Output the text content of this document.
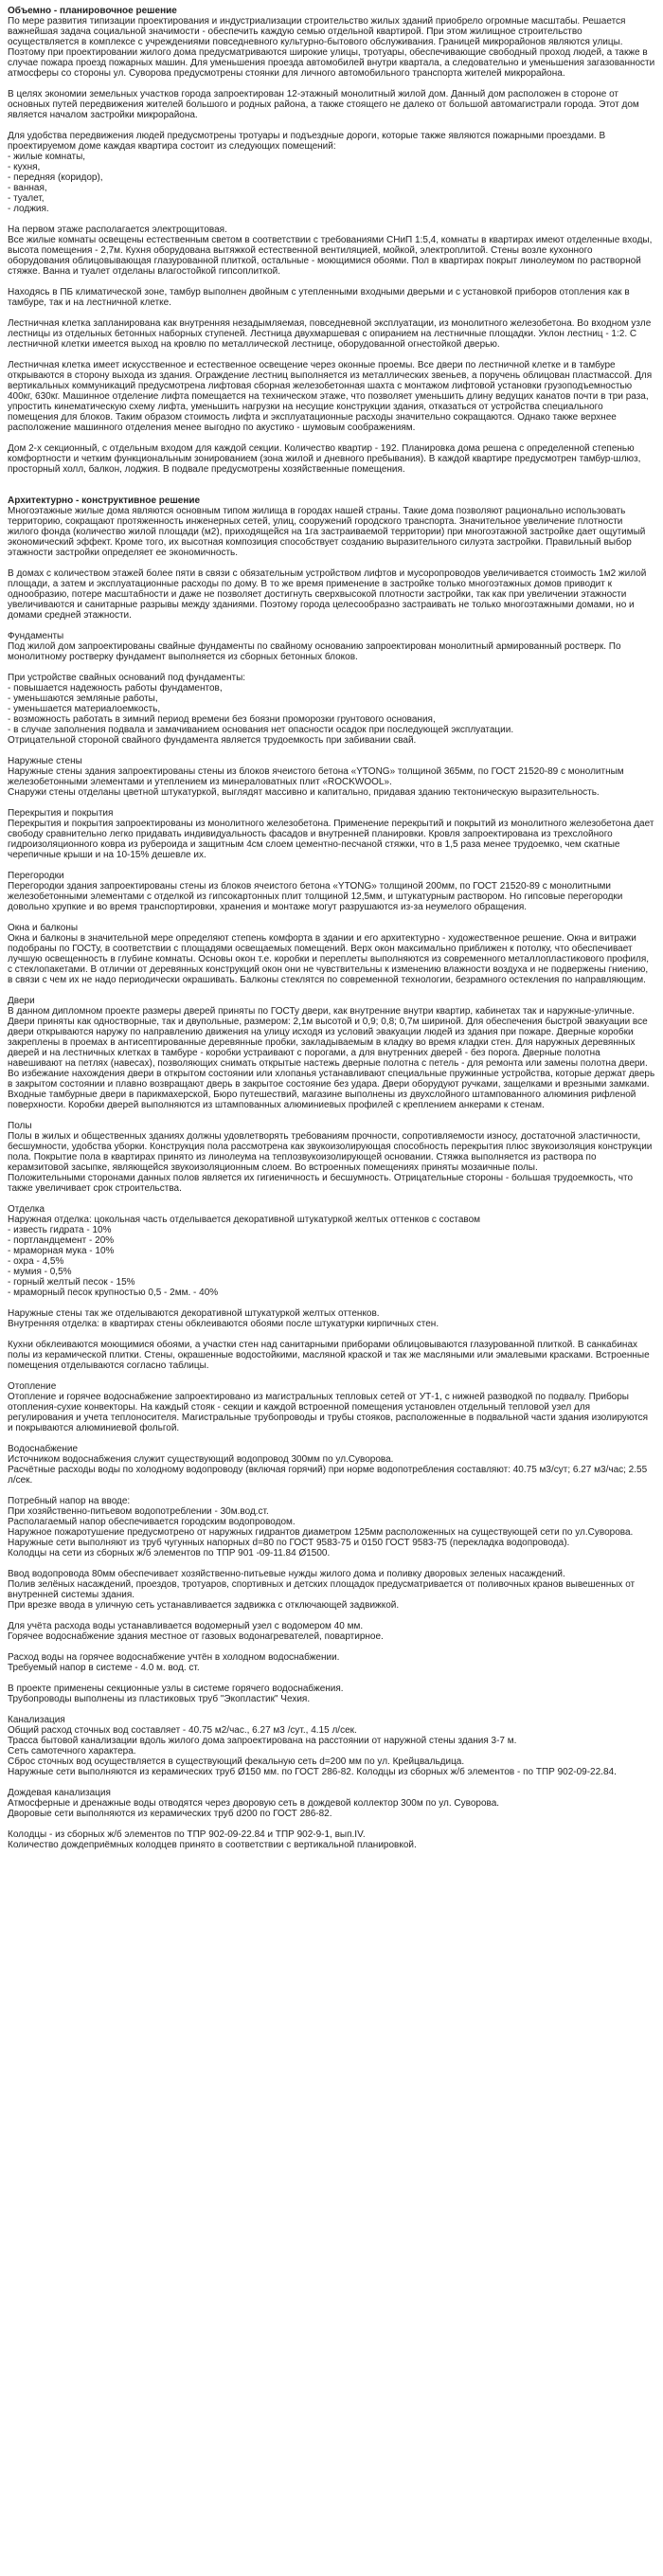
Объемно - планировочное решение

По мере развития типизации проектирования и индустриализации строительство жилых зданий приобрело огромные масштабы. Решается важнейшая задача социальной значимости - обеспечить каждую семью отдельной квартирой. При этом жилищное строительство осуществляется в комплексе с учреждениями повседневного культурно-бытового обслуживания. Границей микрорайонов являются улицы. Поэтому при проектировании жилого дома предусматриваются широкие улицы, тротуары, обеспечивающие свободный проход людей, а также в случае пожара проезд пожарных машин. Для уменьшения проезда автомобилей внутри квартала, а следовательно и уменьшения загазованности атмосферы со стороны ул. Суворова предусмотрены стоянки для личного автомобильного транспорта жителей микрорайона.

В целях экономии земельных участков города запроектирован 12-этажный монолитный жилой дом. Данный дом расположен в стороне от основных путей передвижения жителей большого и родных района, а также стоящего не далеко от большой автомагистрали города. Этот дом является началом застройки микрорайона.

Для удобства передвижения людей предусмотрены тротуары и подъездные дороги, которые также являются пожарными проездами. В проектируемом доме каждая квартира состоит из следующих помещений:
- жилые комнаты,
- кухня,
- передняя (коридор),
- ванная,
- туалет,
- лоджия.

На первом этаже располагается электрощитовая.
Все жилые комнаты освещены естественным светом в соответствии с требованиями СНиП 1:5,4, комнаты в квартирах имеют отделенные входы, высота помещения - 2,7м. Кухня оборудована вытяжкой естественной вентиляцией, мойкой, электроплитой. Стены возле кухонного оборудования облицовывающая глазурованной плиткой, остальные - моющимися обоями. Пол в квартирах покрыт линолеумом по растворной стяжке. Ванна и туалет отделаны влагостойкой гипсоплиткой.

Находясь в ПБ климатической зоне, тамбур выполнен двойным с утепленными входными дверьми и с установкой приборов отопления как в тамбуре, так и на лестничной клетке.

Лестничная клетка запланирована как внутренняя незадымляемая, повседневной эксплуатации, из монолитного железобетона. Во входном узле лестницы из отдельных бетонных наборных ступеней. Лестница двухмаршевая с опиранием на лестничные площадки. Уклон лестниц - 1:2. С лестничной клетки имеется выход на кровлю по металлической лестнице, оборудованной огнестойкой дверью.

Лестничная клетка имеет искусственное и естественное освещение через оконные проемы. Все двери по лестничной клетке и в тамбуре открываются в сторону выхода из здания. Ограждение лестниц выполняется из металлических звеньев, а поручень облицован пластмассой. Для вертикальных коммуникаций предусмотрена лифтовая сборная железобетонная шахта с монтажом лифтовой установки грузоподъемностью 400кг, 630кг. Машинное отделение лифта помещается на техническом этаже, что позволяет уменьшить длину ведущих канатов почти в три раза, упростить кинематическую схему лифта, уменьшить нагрузки на несущие конструкции здания, отказаться от устройства специального помещения для блоков. Таким образом стоимость лифта и эксплуатационные расходы значительно сокращаются. Однако также верхнее расположение машинного отделения менее выгодно по акустико - шумовым соображениям.

Дом 2-х секционный, с отдельным входом для каждой секции. Количество квартир - 192. Планировка дома решена с определенной степенью комфортности и четким функциональным зонированием (зона жилой и дневного пребывания). В каждой квартире предусмотрен тамбур-шлюз, просторный холл, балкон, лоджия. В подвале предусмотрены хозяйственные помещения.

Архитектурно - конструктивное решение

Многоэтажные жилые дома являются основным типом жилища в городах нашей страны. Такие дома позволяют рационально использовать территорию, сокращают протяженность инженерных сетей, улиц, сооружений городского транспорта. Значительное увеличение плотности жилого фонда (количество жилой площади (м2), приходящейся на 1га застраиваемой территории) при многоэтажной застройке дает ощутимый экономический эффект. Кроме того, их высотная композиция способствует созданию выразительного силуэта застройки. Правильный выбор этажности застройки определяет ее экономичность.

В домах с количеством этажей более пяти в связи с обязательным устройством лифтов и мусоропроводов увеличивается стоимость 1м2 жилой площади, а затем и эксплуатационные расходы по дому. В то же время применение в застройке только многоэтажных домов приводит к однообразию, потере масштабности и даже не позволяет достигнуть сверхвысокой плотности застройки, так как при увеличении этажности увеличиваются и санитарные разрывы между зданиями. Поэтому города целесообразно застраивать не только многоэтажными домами, но и домами средней этажности.

Фундаменты

Под жилой дом запроектированы свайные фундаменты по свайному основанию запроектирован монолитный армированный ростверк. По монолитному ростверку фундамент выполняется из сборных бетонных блоков.

При устройстве свайных оснований под фундаменты:
- повышается надежность работы фундаментов,
- уменьшаются земляные работы,
- уменьшается материалоемкость,
- возможность работать в зимний период времени без боязни проморозки грунтового основания,
- в случае заполнения подвала и замачиванием основания нет опасности осадок при последующей эксплуатации.
Отрицательной стороной свайного фундамента является трудоемкость при забивании свай.

Наружные стены

Наружные стены здания запроектированы стены из блоков ячеистого бетона «YTONG» толщиной 365мм, по ГОСТ 21520-89 с монолитным железобетонными элементами и утеплением из минераловатных плит «ROCKWOOL».
Снаружи стены отделаны цветной штукатуркой, выглядят массивно и капитально, придавая зданию тектоническую выразительность.

Перекрытия и покрытия

Перекрытия и покрытия запроектированы из монолитного железобетона. Применение перекрытий и покрытий из монолитного железобетона дает свободу сравнительно легко придавать индивидуальность фасадов и внутренней планировки. Кровля запроектирована из трехслойного гидроизоляционного ковра из рубероида и защитным 4см слоем цементно-песчаной стяжки, что в 1,5 раза менее трудоемко, чем скатные черепичные крыши и на 10-15% дешевле их.

Перегородки

Перегородки здания запроектированы стены из блоков ячеистого бетона «YTONG» толщиной 200мм, по ГОСТ 21520-89 с монолитными железобетонными элементами с отделкой из гипсокартонных плит толщиной 12,5мм, и штукатурным раствором. Но гипсовые перегородки довольно хрупкие и во время транспортировки, хранения и монтаже могут разрушаются из-за неумелого обращения.

Окна и балконы

Окна и балконы в значительной мере определяют степень комфорта в здании и его архитектурно - художественное решение. Окна и витражи подобраны по ГОСТу, в соответствии с площадями освещаемых помещений. Верх окон максимально приближен к потолку, что обеспечивает лучшую освещенность в глубине комнаты. Основы окон т.е. коробки и переплеты выполняются из современного металлопластикового профиля, с стеклопакетами. В отличии от деревянных конструкций окон они не чувствительны к изменению влажности воздуха и не подвержены гниению, в связи с чем их не надо периодически окрашивать. Балконы стеклятся по современной технологии, безрамного остекления по направляющим.

Двери

В данном дипломном проекте размеры дверей приняты по ГОСТу двери, как внутренние внутри квартир, кабинетах так и наружные-уличные. Двери приняты как одностворные, так и двупольные, размером: 2,1м высотой и 0,9; 0,8; 0,7м шириной. Для обеспечения быстрой эвакуации все двери открываются наружу по направлению движения на улицу исходя из условий эвакуации людей из здания при пожаре. Дверные коробки закреплены в проемах в антисептированные деревянные пробки, закладываемым в кладку во время кладки стен. Для наружных деревянных дверей и на лестничных клетках в тамбуре - коробки устраивают с порогами, а для внутренних дверей - без порога. Дверные полотна навешивают на петлях (навесах), позволяющих снимать открытые настежь дверные полотна с петель - для ремонта или замены полотна двери. Во избежание нахождения двери в открытом состоянии или хлопанья устанавливают специальные пружинные устройства, которые держат дверь в закрытом состоянии и плавно возвращают дверь в закрытое состояние без удара. Двери оборудуют ручками, защелками и врезными замками. Входные тамбурные двери в парикмахерской, Бюро путешествий, магазине выполнены из двухслойного штампованного алюминия рифленой поверхности. Коробки дверей выполняются из штампованных алюминиевых профилей с креплением анкерами к стенам.

Полы

Полы в жилых и общественных зданиях должны удовлетворять требованиям прочности, сопротивляемости износу, достаточной эластичности, бесшумности, удобства уборки. Конструкция пола рассмотрена как звукоизолирующая способность перекрытия плюс звукоизоляция конструкции пола. Покрытие пола в квартирах принято из линолеума на теплозвукоизолирующей основании. Стяжка выполняется из раствора по керамзитовой засыпке, являющейся звукоизоляционным слоем. Во встроенных помещениях приняты мозаичные полы.
Положительными сторонами данных полов является их гигиеничность и бесшумность. Отрицательные стороны - большая трудоемкость, что также увеличивает срок строительства.

Отделка

Наружная отделка: цокольная часть отделывается декоративной штукатуркой желтых оттенков с составом
- известь гидрата - 10%
- портландцемент - 20%
- мраморная мука - 10%
- охра - 4,5%
- мумия - 0,5%
- горный желтый песок - 15%
- мраморный песок крупностью 0,5 - 2мм. - 40%

Наружные стены так же отделываются декоративной штукатуркой желтых оттенков.
Внутренняя отделка: в квартирах стены обклеиваются обоями после штукатурки кирпичных стен.

Кухни обклеиваются моющимися обоями, а участки стен над санитарными приборами облицовываются глазурованной плиткой. В санкабинах полы из керамической плитки. Стены, окрашенные водостойкими, масляной краской и так же масляными или эмалевыми красками. Встроенные помещения отделываются согласно таблицы.

Отопление

Отопление и горячее водоснабжение запроектировано из магистральных тепловых сетей от УТ-1, с нижней разводкой по подвалу. Приборы отопления-сухие конвекторы. На каждый стояк - секции и каждой встроенной помещения установлен отдельный тепловой узел для регулирования и учета теплоносителя. Магистральные трубопроводы и трубы стояков, расположенные в подвальной части здания изолируются и покрываются алюминиевой фольгой.

Водоснабжение

Источником водоснабжения служит существующий водопровод 300мм по ул.Суворова.
Расчётные расходы воды по холодному водопроводу (включая горячий) при норме водопотребления составляют: 40.75 м3/сут; 6.27 м3/час; 2.55 л/сек.

Потребный напор на вводе:
При хозяйственно-питьевом водопотреблении - 30м.вод.ст.
Располагаемый напор обеспечивается городским водопроводом.
Наружное пожаротушение предусмотрено от наружных гидрантов диаметром 125мм расположенных на существующей сети по ул.Суворова.
Наружные сети выполняют из труб чугунных напорных d=80 по ГОСТ 9583-75 и 0150 ГОСТ 9583-75 (перекладка водопровода).
Колодцы на сети из сборных ж/б элементов по ТПР 901 -09-11.84 Ø1500.

Ввод водопровода 80мм обеспечивает хозяйственно-питьевые нужды жилого дома и поливку дворовых зеленых насаждений.
Полив зелёных насаждений, проездов, тротуаров, спортивных и детских площадок предусматривается от поливочных кранов вывешенных от внутренней системы здания.
При врезке ввода в уличную сеть устанавливается задвижка с отключающей задвижкой.

Для учёта расхода воды устанавливается водомерный узел с водомером 40 мм.
Горячее водоснабжение здания местное от газовых водонагревателей, повартирное.

Расход воды на горячее водоснабжение учтён в холодном водоснабжении.
Требуемый напор в системе - 4.0 м. вод. ст.

В проекте применены секционные узлы в системе горячего водоснабжения.
Трубопроводы выполнены из пластиковых труб "Экопластик" Чехия.

Канализация

Общий расход сточных вод составляет - 40.75 м2/час., 6.27 м3 /сут., 4.15 л/сек.
Трасса бытовой канализации вдоль жилого дома запроектирована на расстоянии от наружной стены здания 3-7 м.
Сеть самотечного характера.
Сброс сточных вод осуществляется в существующий фекальную сеть d=200 мм по ул. Крейцвальдица.
Наружные сети выполняются из керамических труб Ø150 мм. по ГОСТ 286-82. Колодцы из сборных ж/б элементов - по ТПР 902-09-22.84.

Дождевая канализация

Атмосферные и дренажные воды отводятся через дворовую сеть в дождевой коллектор 300м по ул. Суворова.
Дворовые сети выполняются из керамических труб d200 по ГОСТ 286-82.

Колодцы - из сборных ж/б элементов по ТПР 902-09-22.84 и ТПР 902-9-1, вып.IV.
Количество дождеприёмных колодцев принято в соответствии с вертикальной планировкой.
